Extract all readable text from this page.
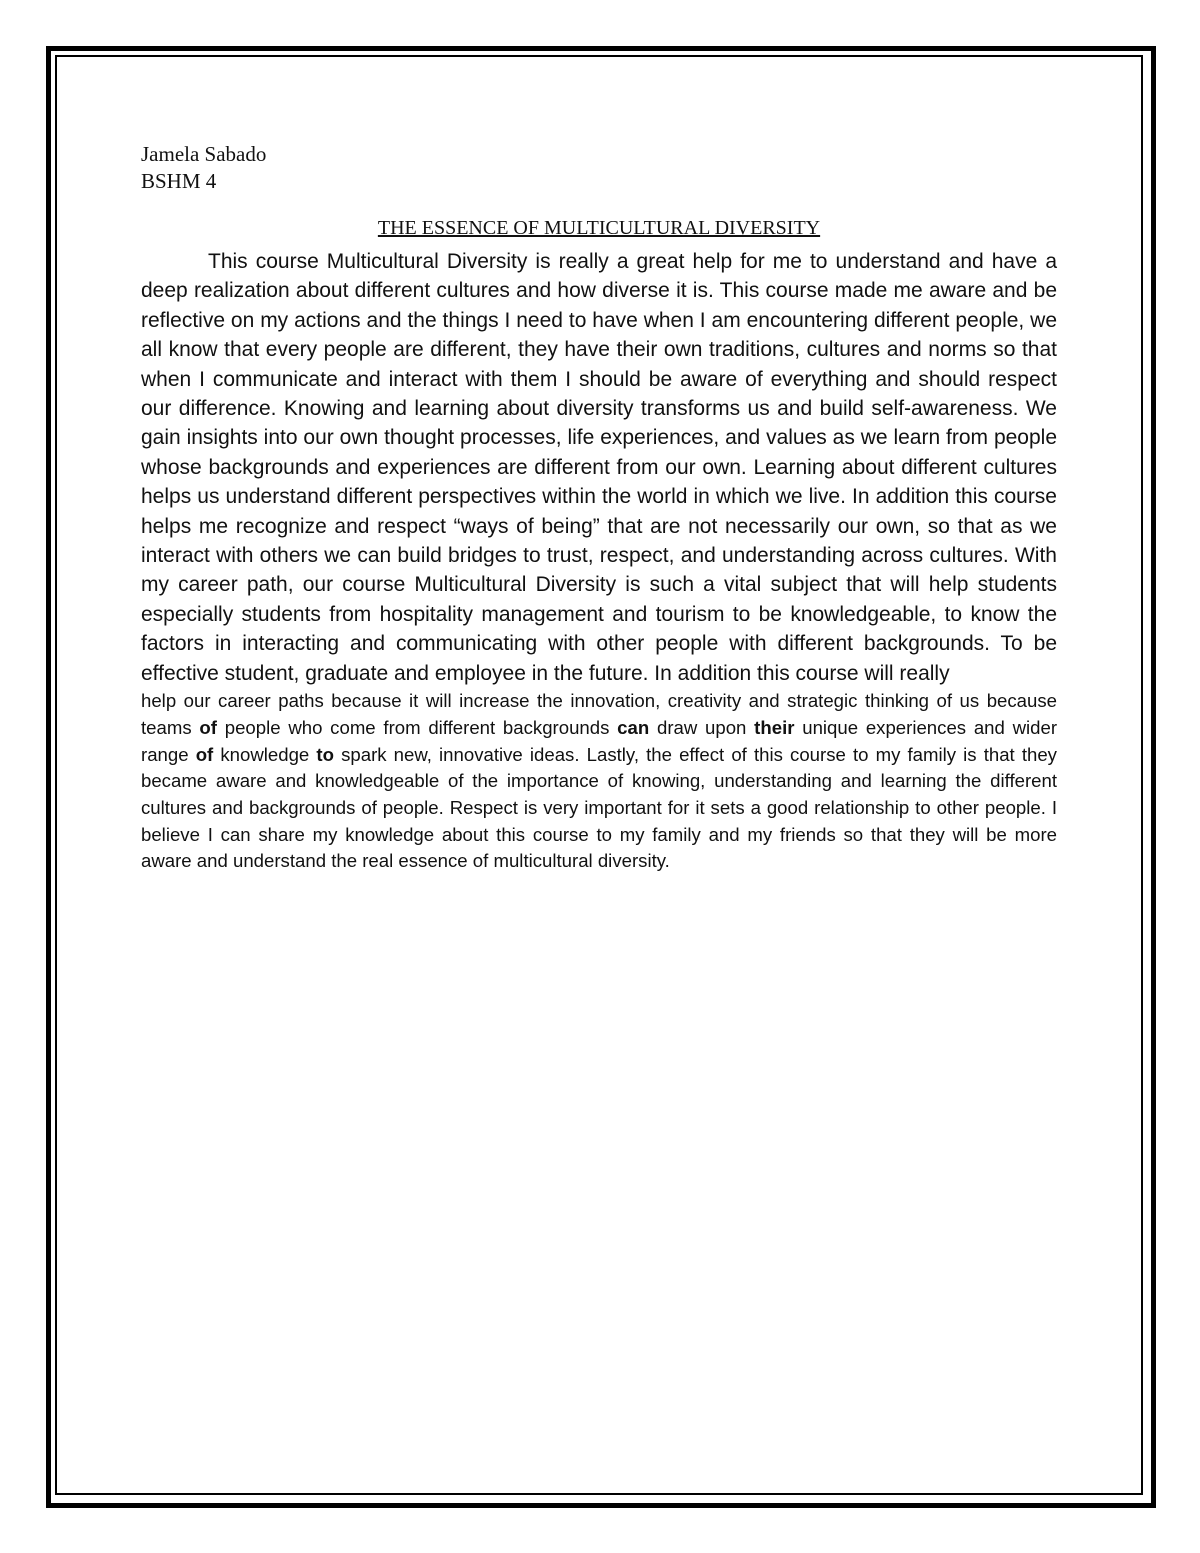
Jamela Sabado

BSHM 4

THE ESSENCE OF MULTICULTURAL DIVERSITY

This course Multicultural Diversity is really a great help for me to understand and have a deep realization about different cultures and how diverse it is. This course made me aware and be reflective on my actions and the things I need to have when I am encountering different people, we all know that every people are different, they have their own traditions, cultures and norms so that when I communicate and interact with them I should be aware of everything and should respect our difference. Knowing and learning about diversity transforms us and build self-awareness. We gain insights into our own thought processes, life experiences, and values as we learn from people whose backgrounds and experiences are different from our own. Learning about different cultures helps us understand different perspectives within the world in which we live. In addition this course helps me recognize and respect “ways of being” that are not necessarily our own, so that as we interact with others we can build bridges to trust, respect, and understanding across cultures. With my career path, our course Multicultural Diversity is such a vital subject that will help students especially students from hospitality management and tourism to be knowledgeable, to know the factors in interacting and communicating with other people with different backgrounds. To be effective student, graduate and employee in the future. In addition this course will really

help our career paths because it will increase the innovation, creativity and strategic thinking of us because teams of people who come from different backgrounds can draw upon their unique experiences and wider range of knowledge to spark new, innovative ideas. Lastly, the effect of this course to my family is that they became aware and knowledgeable of the importance of knowing, understanding and learning the different cultures and backgrounds of people. Respect is very important for it sets a good relationship to other people. I believe I can share my knowledge about this course to my family and my friends so that they will be more aware and understand the real essence of multicultural diversity.
